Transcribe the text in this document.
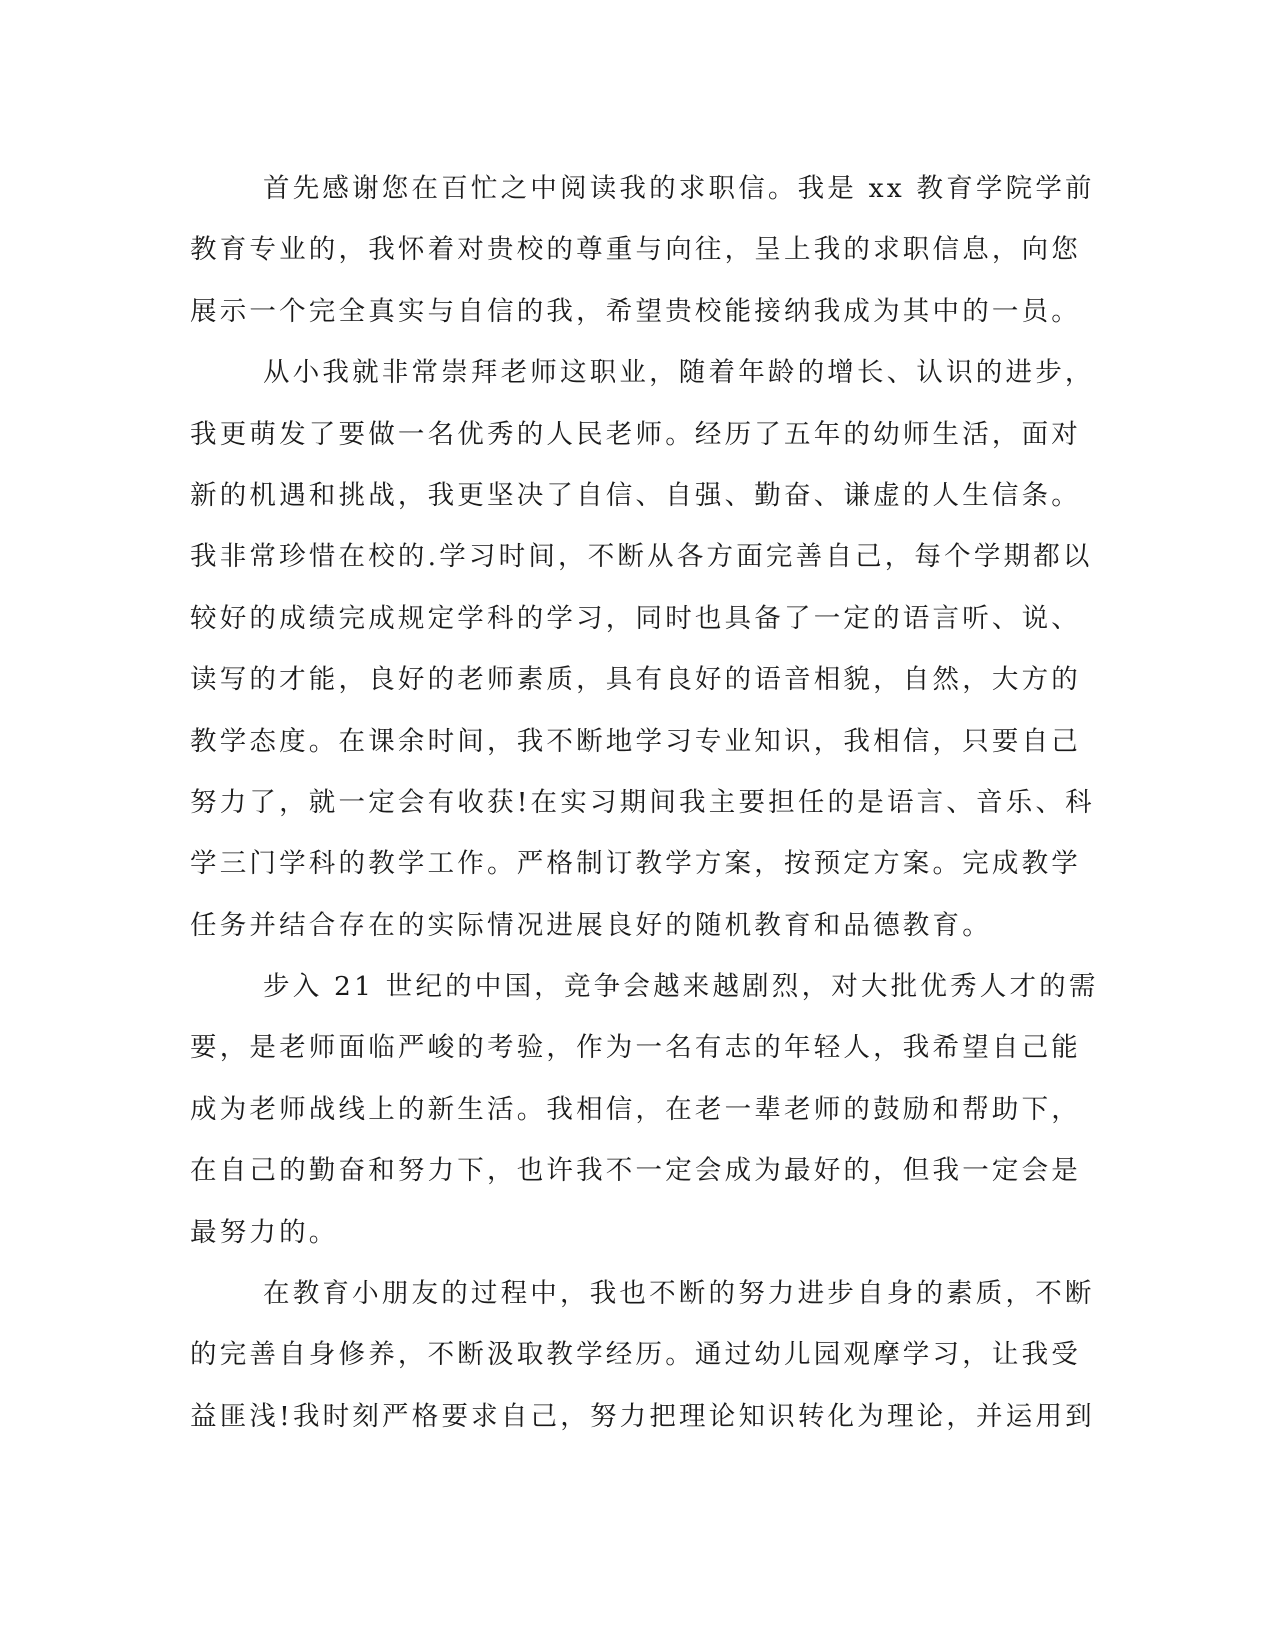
首先感谢您在百忙之中阅读我的求职信。我是 xx 教育学院学前
教育专业的，我怀着对贵校的尊重与向往，呈上我的求职信息，向您
展示一个完全真实与自信的我，希望贵校能接纳我成为其中的一员。
从小我就非常崇拜老师这职业，随着年龄的增长、认识的进步，
我更萌发了要做一名优秀的人民老师。经历了五年的幼师生活，面对
新的机遇和挑战，我更坚决了自信、自强、勤奋、谦虚的人生信条。
我非常珍惜在校的.学习时间，不断从各方面完善自己，每个学期都以
较好的成绩完成规定学科的学习，同时也具备了一定的语言听、说、
读写的才能，良好的老师素质，具有良好的语音相貌，自然，大方的
教学态度。在课余时间，我不断地学习专业知识，我相信，只要自己
努力了，就一定会有收获!在实习期间我主要担任的是语言、音乐、科
学三门学科的教学工作。严格制订教学方案，按预定方案。完成教学
任务并结合存在的实际情况进展良好的随机教育和品德教育。
步入 21 世纪的中国，竞争会越来越剧烈，对大批优秀人才的需
要，是老师面临严峻的考验，作为一名有志的年轻人，我希望自己能
成为老师战线上的新生活。我相信，在老一辈老师的鼓励和帮助下，
在自己的勤奋和努力下，也许我不一定会成为最好的，但我一定会是
最努力的。
在教育小朋友的过程中，我也不断的努力进步自身的素质，不断
的完善自身修养，不断汲取教学经历。通过幼儿园观摩学习，让我受
益匪浅!我时刻严格要求自己，努力把理论知识转化为理论，并运用到
